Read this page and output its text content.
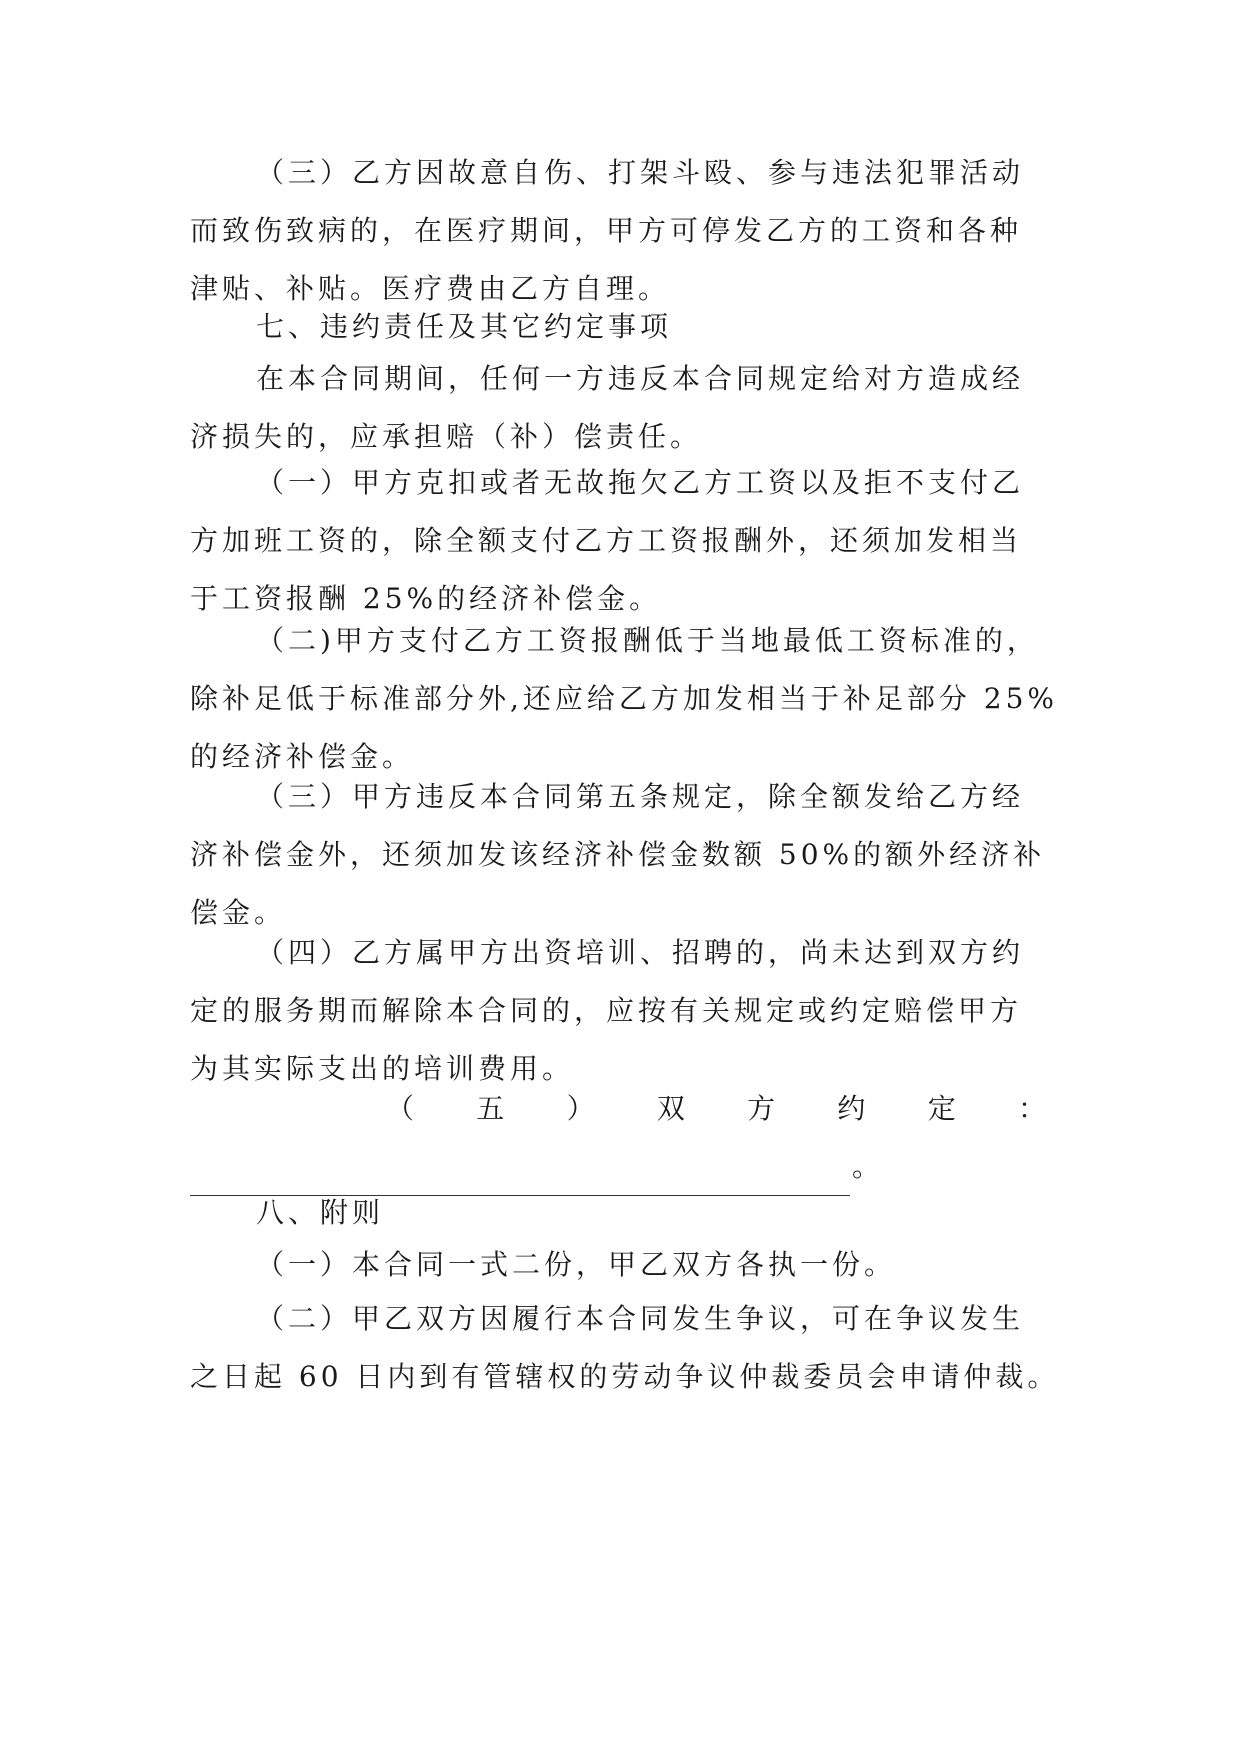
（三）乙方因故意自伤、打架斗殴、参与违法犯罪活动
而致伤致病的，在医疗期间，甲方可停发乙方的工资和各种
津贴、补贴。医疗费由乙方自理。
七、违约责任及其它约定事项
在本合同期间，任何一方违反本合同规定给对方造成经
济损失的，应承担赔（补）偿责任。
（一）甲方克扣或者无故拖欠乙方工资以及拒不支付乙
方加班工资的，除全额支付乙方工资报酬外，还须加发相当
于工资报酬 25%的经济补偿金。
（二)甲方支付乙方工资报酬低于当地最低工资标准的，
除补足低于标准部分外,还应给乙方加发相当于补足部分 25%
的经济补偿金。
（三）甲方违反本合同第五条规定，除全额发给乙方经
济补偿金外，还须加发该经济补偿金数额 50%的额外经济补
偿金。
（四）乙方属甲方出资培训、招聘的，尚未达到双方约
定的服务期而解除本合同的，应按有关规定或约定赔偿甲方
为其实际支出的培训费用。
（ 五 ） 双 方 约 定 ：
。
八、附则
（一）本合同一式二份，甲乙双方各执一份。
（二）甲乙双方因履行本合同发生争议，可在争议发生
之日起 60 日内到有管辖权的劳动争议仲裁委员会申请仲裁。
